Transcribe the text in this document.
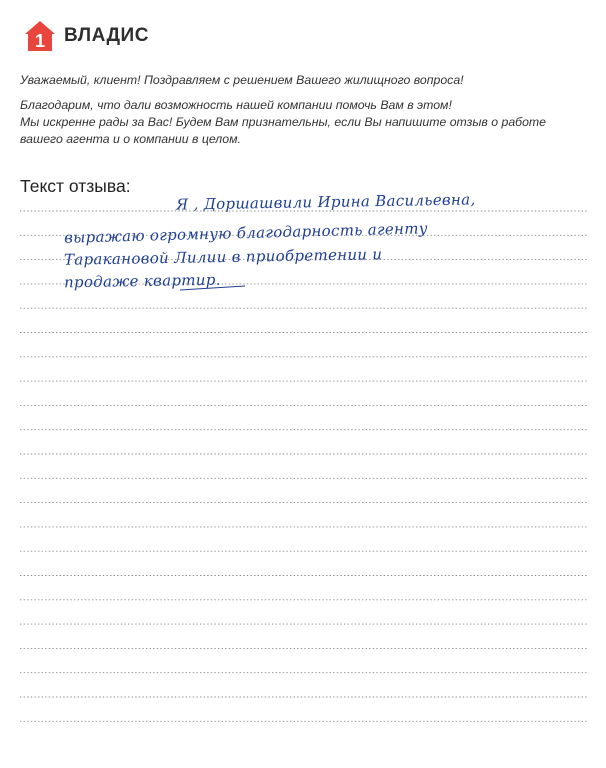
1 ВЛАДИС

Уважаемый, клиент! Поздравляем с решением Вашего жилищного вопроса!

Благодарим, что дали возможность нашей компании помочь Вам в этом!

Мы искренне рады за Вас! Будем Вам признательны, если Вы напишите отзыв о работе

вашего агента и о компании в целом.

Текст отзыва:
Я , Доршашвили Ирина Васильевна,
выражаю огромную благодарность агенту
Таракановой Лилии в приобретении и
продаже квартир.
